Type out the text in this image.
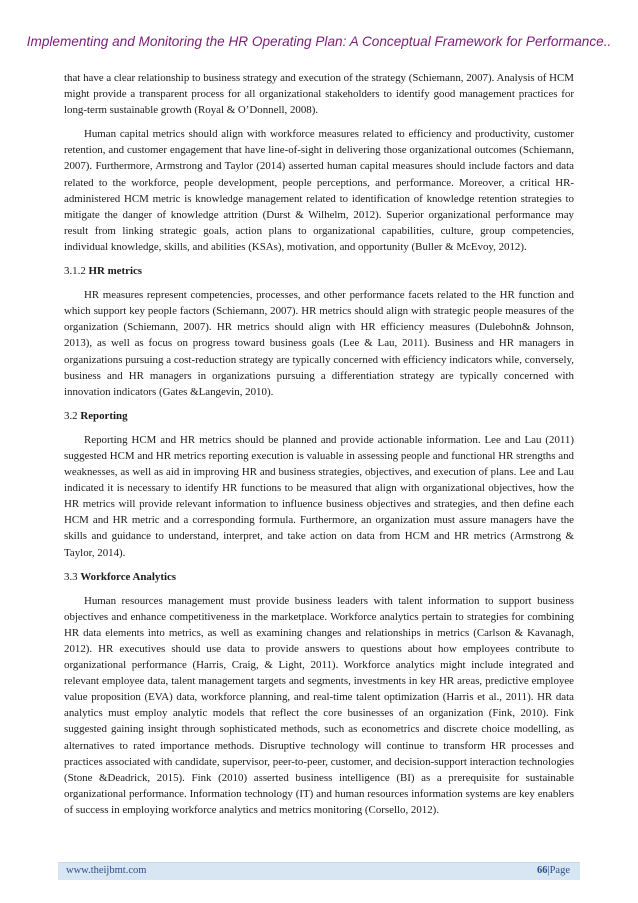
Implementing and Monitoring the HR Operating Plan: A Conceptual Framework for Performance..

that have a clear relationship to business strategy and execution of the strategy (Schiemann, 2007). Analysis of HCM might provide a transparent process for all organizational stakeholders to identify good management practices for long-term sustainable growth (Royal & O’Donnell, 2008).

Human capital metrics should align with workforce measures related to efficiency and productivity, customer retention, and customer engagement that have line-of-sight in delivering those organizational outcomes (Schiemann, 2007). Furthermore, Armstrong and Taylor (2014) asserted human capital measures should include factors and data related to the workforce, people development, people perceptions, and performance. Moreover, a critical HR-administered HCM metric is knowledge management related to identification of knowledge retention strategies to mitigate the danger of knowledge attrition (Durst & Wilhelm, 2012). Superior organizational performance may result from linking strategic goals, action plans to organizational capabilities, culture, group competencies, individual knowledge, skills, and abilities (KSAs), motivation, and opportunity (Buller & McEvoy, 2012).

3.1.2 HR metrics

HR measures represent competencies, processes, and other performance facets related to the HR function and which support key people factors (Schiemann, 2007). HR metrics should align with strategic people measures of the organization (Schiemann, 2007). HR metrics should align with HR efficiency measures (Dulebohn& Johnson, 2013), as well as focus on progress toward business goals (Lee & Lau, 2011). Business and HR managers in organizations pursuing a cost-reduction strategy are typically concerned with efficiency indicators while, conversely, business and HR managers in organizations pursuing a differentiation strategy are typically concerned with innovation indicators (Gates &Langevin, 2010).

3.2 Reporting

Reporting HCM and HR metrics should be planned and provide actionable information. Lee and Lau (2011) suggested HCM and HR metrics reporting execution is valuable in assessing people and functional HR strengths and weaknesses, as well as aid in improving HR and business strategies, objectives, and execution of plans. Lee and Lau indicated it is necessary to identify HR functions to be measured that align with organizational objectives, how the HR metrics will provide relevant information to influence business objectives and strategies, and then define each HCM and HR metric and a corresponding formula. Furthermore, an organization must assure managers have the skills and guidance to understand, interpret, and take action on data from HCM and HR metrics (Armstrong & Taylor, 2014).

3.3 Workforce Analytics

Human resources management must provide business leaders with talent information to support business objectives and enhance competitiveness in the marketplace. Workforce analytics pertain to strategies for combining HR data elements into metrics, as well as examining changes and relationships in metrics (Carlson & Kavanagh, 2012). HR executives should use data to provide answers to questions about how employees contribute to organizational performance (Harris, Craig, & Light, 2011). Workforce analytics might include integrated and relevant employee data, talent management targets and segments, investments in key HR areas, predictive employee value proposition (EVA) data, workforce planning, and real-time talent optimization (Harris et al., 2011). HR data analytics must employ analytic models that reflect the core businesses of an organization (Fink, 2010). Fink suggested gaining insight through sophisticated methods, such as econometrics and discrete choice modelling, as alternatives to rated importance methods. Disruptive technology will continue to transform HR processes and practices associated with candidate, supervisor, peer-to-peer, customer, and decision-support interaction technologies (Stone &Deadrick, 2015). Fink (2010) asserted business intelligence (BI) as a prerequisite for sustainable organizational performance. Information technology (IT) and human resources information systems are key enablers of success in employing workforce analytics and metrics monitoring (Corsello, 2012).

www.theijbmt.com	66|Page
